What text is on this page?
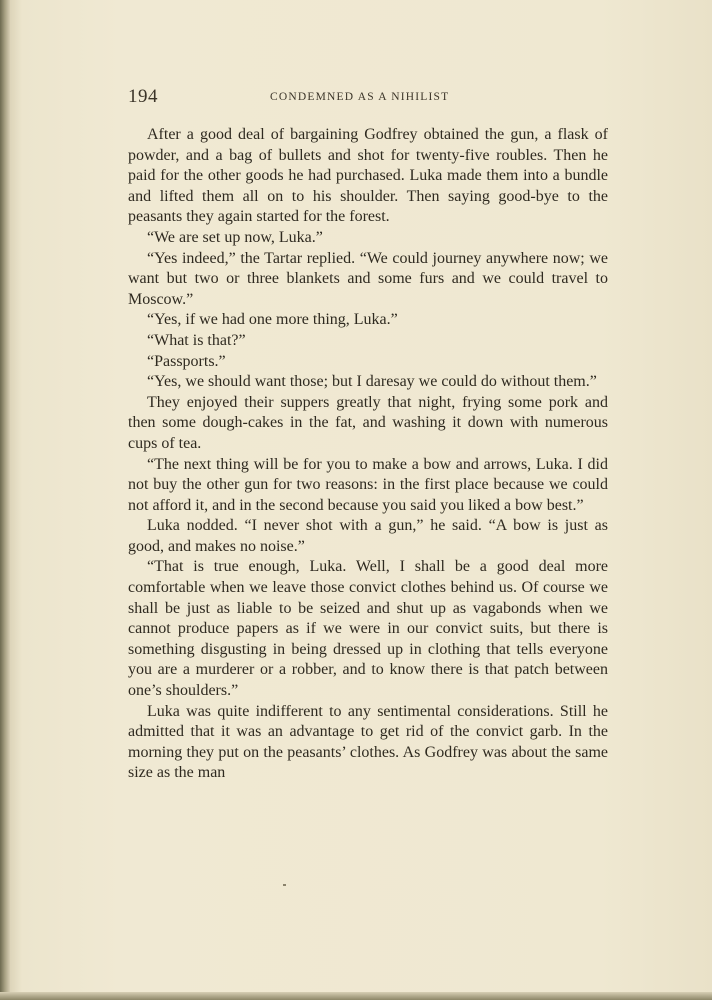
194	CONDEMNED AS A NIHILIST

After a good deal of bargaining Godfrey obtained the gun, a flask of powder, and a bag of bullets and shot for twenty-five roubles. Then he paid for the other goods he had purchased. Luka made them into a bundle and lifted them all on to his shoulder. Then saying good-bye to the peasants they again started for the forest.

“We are set up now, Luka.”

“Yes indeed,” the Tartar replied. “We could journey anywhere now; we want but two or three blankets and some furs and we could travel to Moscow.”

“Yes, if we had one more thing, Luka.”

“What is that?”

“Passports.”

“Yes, we should want those; but I daresay we could do without them.”

They enjoyed their suppers greatly that night, frying some pork and then some dough-cakes in the fat, and washing it down with numerous cups of tea.

“The next thing will be for you to make a bow and arrows, Luka. I did not buy the other gun for two reasons: in the first place because we could not afford it, and in the second because you said you liked a bow best.”

Luka nodded. “I never shot with a gun,” he said. “A bow is just as good, and makes no noise.”

“That is true enough, Luka. Well, I shall be a good deal more comfortable when we leave those convict clothes behind us. Of course we shall be just as liable to be seized and shut up as vagabonds when we cannot produce papers as if we were in our convict suits, but there is something disgusting in being dressed up in clothing that tells everyone you are a murderer or a robber, and to know there is that patch between one’s shoulders.”

Luka was quite indifferent to any sentimental considerations. Still he admitted that it was an advantage to get rid of the convict garb. In the morning they put on the peasants’ clothes. As Godfrey was about the same size as the man
